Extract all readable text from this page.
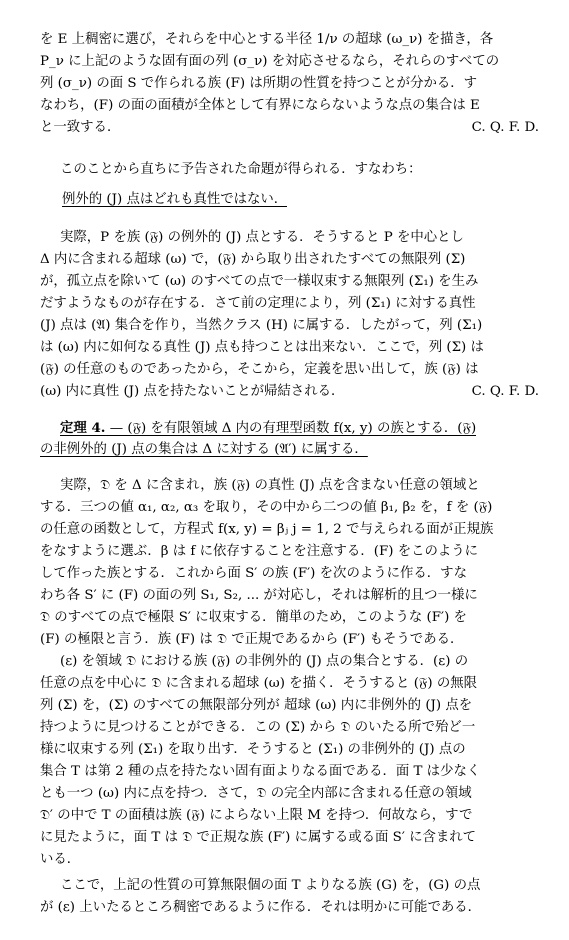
を E 上稠密に選び，それらを中心とする半径 1/ν の超球 (ω_ν) を描き，各
P_ν に上記のような固有面の列 (σ_ν) を対応させるなら，それらのすべての
列 (σ_ν) の面 S で作られる族 (F) は所期の性質を持つことが分かる．す
なわち，(F) の面の面積が全体として有界にならないような点の集合は E
と一致する．	C. Q. F. D.
このことから直ちに予告された命題が得られる．すなわち：
例外的 (J) 点はどれも真性ではない．
実際，P を族 (𝔉) の例外的 (J) 点とする．そうすると P を中心とし
Δ 内に含まれる超球 (ω) で，(𝔉) から取り出されたすべての無限列 (Σ)
が，孤立点を除いて (ω) のすべての点で一様収束する無限列 (Σ₁) を生み
だすようなものが存在する．さて前の定理により，列 (Σ₁) に対する真性
(J) 点は (𝔄) 集合を作り，当然クラス (H) に属する．したがって，列 (Σ₁)
は (ω) 内に如何なる真性 (J) 点も持つことは出来ない．ここで，列 (Σ) は
(𝔉) の任意のものであったから，そこから，定義を思い出して，族 (𝔉) は
(ω) 内に真性 (J) 点を持たないことが帰結される．	C. Q. F. D.
定理 4. — (𝔉) を有限領域 Δ 内の有理型函数 f(x, y) の族とする．(𝔉)
の非例外的 (J) 点の集合は Δ に対する (𝔄′) に属する．
実際，𝔇 を Δ に含まれ，族 (𝔉) の真性 (J) 点を含まない任意の領域と
する．三つの値 α₁, α₂, α₃ を取り，その中から二つの値 β₁, β₂ を，f を (𝔉)
の任意の函数として，方程式 f(x, y) = βⱼ j = 1, 2 で与えられる面が正規族
をなすように選ぶ．β は f に依存することを注意する．(F) をこのように
して作った族とする．これから面 S′ の族 (F′) を次のように作る．すな
わち各 S′ に (F) の面の列 S₁, S₂, ... が対応し，それは解析的且つ一様に
𝔇 のすべての点で極限 S′ に収束する．簡単のため，このような (F′) を
(F) の極限と言う．族 (F) は 𝔇 で正規であるから (F′) もそうである．
(ε) を領域 𝔇 における族 (𝔉) の非例外的 (J) 点の集合とする．(ε) の
任意の点を中心に 𝔇 に含まれる超球 (ω) を描く．そうすると (𝔉) の無限
列 (Σ) を，(Σ) のすべての無限部分列が 超球 (ω) 内に非例外的 (J) 点を
持つように見つけることができる．この (Σ) から 𝔇 のいたる所で殆ど一
様に収束する列 (Σ₁) を取り出す．そうすると (Σ₁) の非例外的 (J) 点の
集合 T は第 2 種の点を持たない固有面よりなる面である．面 T は少なく
とも一つ (ω) 内に点を持つ．さて，𝔇 の完全内部に含まれる任意の領域
𝔇′ の中で T の面積は族 (𝔉) によらない上限 M を持つ．何故なら，すで
に見たように，面 T は 𝔇 で正規な族 (F′) に属する或る面 S′ に含まれて
いる．
ここで，上記の性質の可算無限個の面 T よりなる族 (G) を，(G) の点
が (ε) 上いたるところ稠密であるように作る．それは明かに可能である．
